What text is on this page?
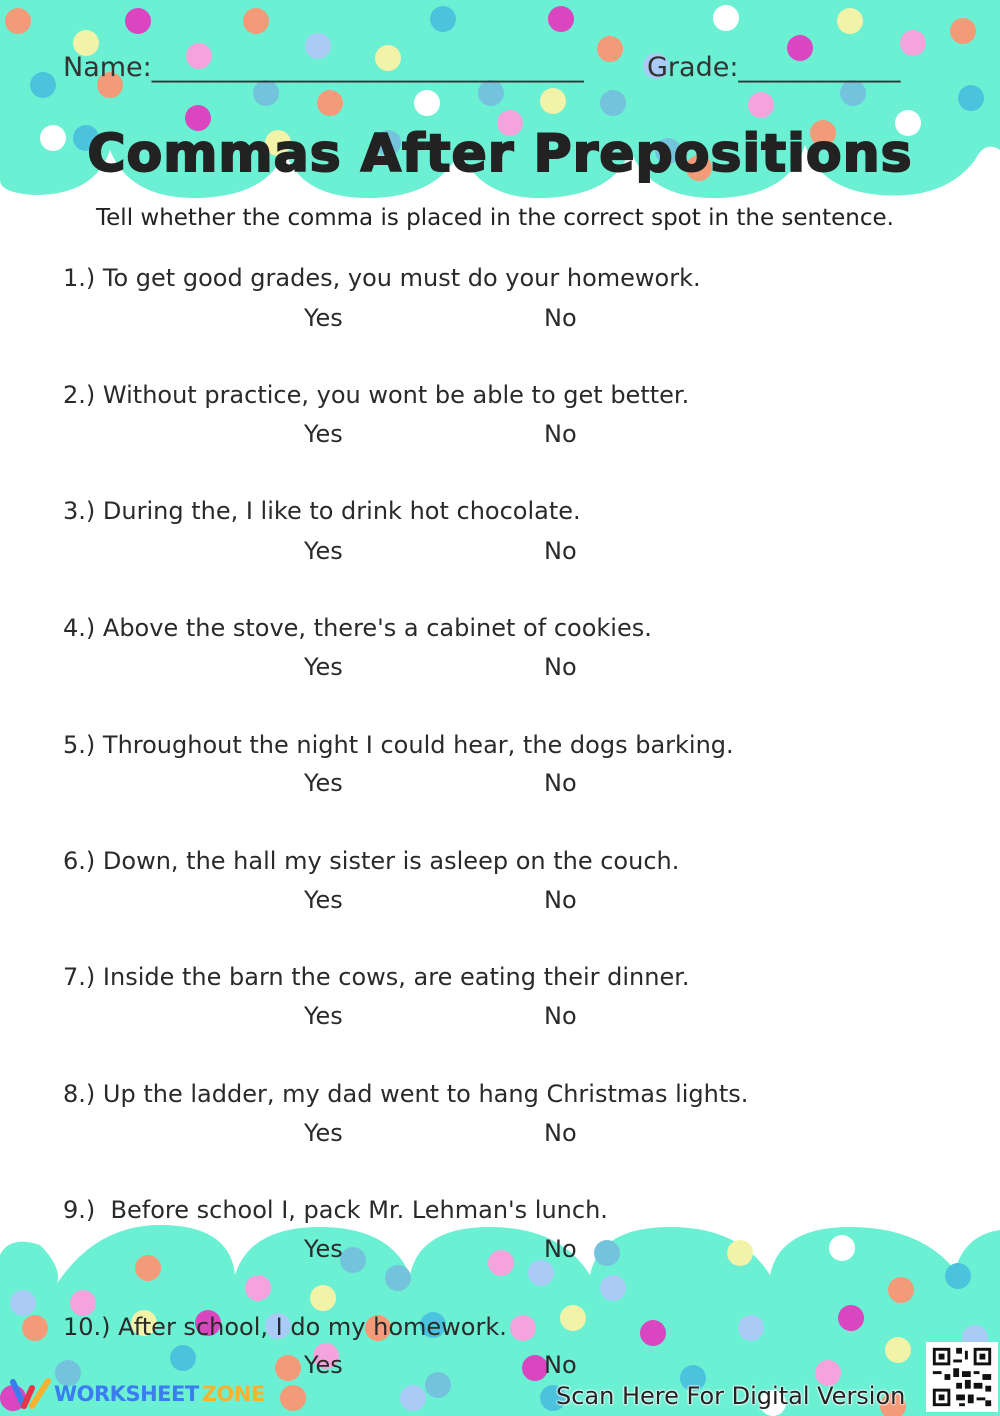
Name:________________________________ Grade:____________
Commas After Prepositions
Tell whether the comma is placed in the correct spot in the sentence.
1.) To get good grades, you must do your homework.
Yes	No
2.) Without practice, you wont be able to get better.
Yes	No
3.) During the, I like to drink hot chocolate.
Yes	No
4.) Above the stove, there's a cabinet of cookies.
Yes	No
5.) Throughout the night I could hear, the dogs barking.
Yes	No
6.) Down, the hall my sister is asleep on the couch.
Yes	No
7.) Inside the barn the cows, are eating their dinner.
Yes	No
8.) Up the ladder, my dad went to hang Christmas lights.
Yes	No
9.)  Before school I, pack Mr. Lehman's lunch.
Yes	No
10.) After school, I do my homework.
Yes	No
WORKSHEET ZONE	Scan Here For Digital Version
